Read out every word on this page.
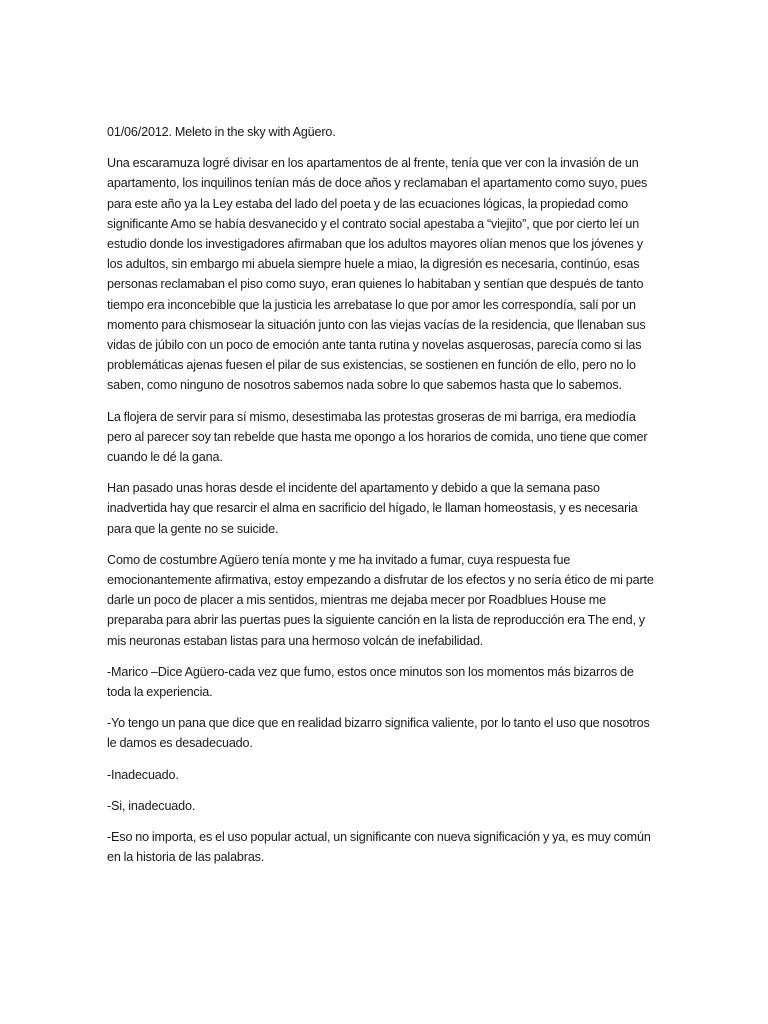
01/06/2012. Meleto in the sky with Agüero.

Una escaramuza logré divisar en los apartamentos de al frente, tenía que ver con la invasión de un apartamento, los inquilinos tenían más de doce años y reclamaban el apartamento como suyo, pues para este año ya la Ley estaba del lado del poeta y de las ecuaciones lógicas, la propiedad como significante Amo se había desvanecido y el contrato social apestaba a “viejito”, que por cierto leí un estudio donde los investigadores afirmaban que los adultos mayores olían menos que los jóvenes y los adultos, sin embargo mi abuela siempre huele a miao, la digresión es necesaria, continúo, esas personas reclamaban el piso como suyo, eran quienes lo habitaban y sentían que después de tanto tiempo era inconcebible que la justicia les arrebatase lo que por amor les correspondía, salí por un momento para chismosear la situación junto con las viejas vacías de la residencia, que llenaban sus vidas de júbilo con un poco de emoción ante tanta rutina y novelas asquerosas, parecía como si las problemáticas ajenas fuesen el pilar de sus existencias, se sostienen en función de ello, pero no lo saben, como ninguno de nosotros sabemos nada sobre lo que sabemos hasta que lo sabemos.

La flojera de servir para sí mismo, desestimaba las protestas groseras de mi barriga, era mediodía pero al parecer soy tan rebelde que hasta me opongo a los horarios de comida, uno tiene que comer cuando le dé la gana.

Han pasado unas horas desde el incidente del apartamento y debido a que la semana paso inadvertida hay que resarcir el alma en sacrificio del hígado, le llaman homeostasis, y es necesaria para que la gente no se suicide.

Como de costumbre Agüero tenía monte y me ha invitado a fumar, cuya respuesta fue emocionantemente afirmativa, estoy empezando a disfrutar de los efectos y no sería ético de mi parte darle un poco de placer a mis sentidos, mientras me dejaba mecer por Roadblues House me preparaba para abrir las puertas pues la siguiente canción en la lista de reproducción era The end, y mis neuronas estaban listas para una hermoso volcán de inefabilidad.

-Marico –Dice Agüero-cada vez que fumo, estos once minutos son los momentos más bizarros de toda la experiencia.

-Yo tengo un pana que dice que en realidad bizarro significa valiente, por lo tanto el uso que nosotros le damos es desadecuado.

-Inadecuado.

-Si, inadecuado.

-Eso no importa, es el uso popular actual, un significante con nueva significación y ya, es muy común en la historia de las palabras.
